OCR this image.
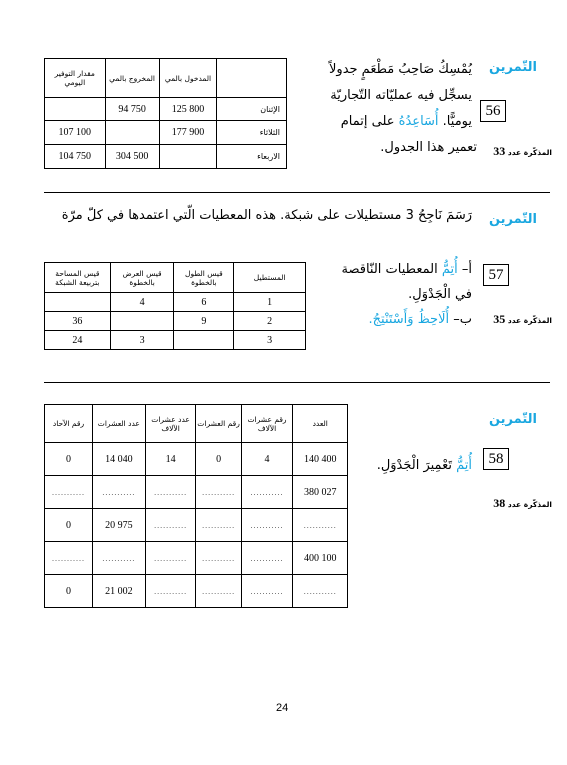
مقدار التوفير اليومي	المخروج بالمي	المدخول بالمي	
	94 750	125 800	الإثنان
107 100		177 900	الثلاثاء
104 750	304 500		الاربعاء
التّمرين
56
يُمْسِكُ صَاحِبُ مَطْعَمٍ جدولاً
يسجِّل فيه عمليّاته التّجاريّة
يوميًّا. أُسَاعِدُهُ على إتمام
تعمير هذا الجدول.	المذكّرة عدد 33
التّمرين
رَسَمَ نَاجِحُ 3 مستطيلات على شبكة. هذه المعطيات الّتي اعتمدها في كلّ مرّة
قيس المساحة بتربيعة الشبكة	قيس العرض بالخطوة	قيس الطول بالخطوة	المستطيل
	4	6	1
36		9	2
24	3		3
57
أ– أُتِمُّ المعطيات النّاقصة
في الْجَدْوَلِ.
ب– أُلَاحِظُ وَأَسْتَنْتِجُ.	المذكّرة عدد 35
رقم الآحاد	عدد العشرات	عدد عشرات الآلاف	رقم العشرات	رقم عشرات الآلاف	العدد
0	14 040	14	0	4	140 400
...........	...........	...........	...........	...........	380 027
0	20 975	...........	...........	...........	...........
...........	...........	...........	...........	...........	400 100
0	21 002	...........	...........	...........	...........
التّمرين
58
أُتِمُّ تَعْمِيرَ الْجَدْوَلِ.
المذكّرة عدد 38
24
